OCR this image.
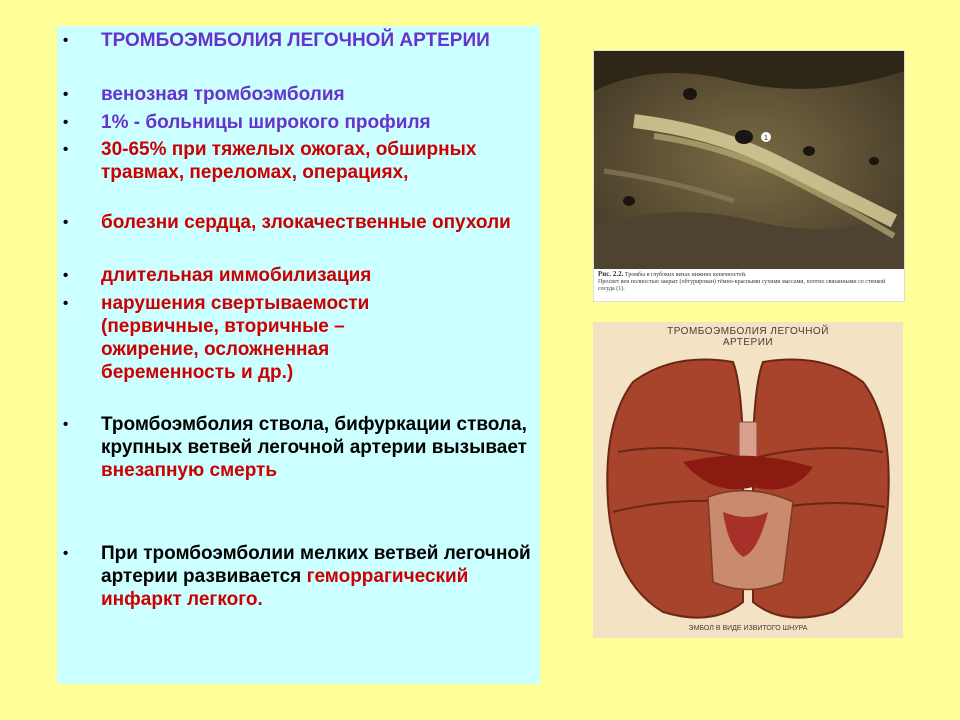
• ТРОМБОЭМБОЛИЯ ЛЕГОЧНОЙ АРТЕРИИ
• венозная тромбоэмболия
• 1% - больницы широкого профиля
• 30-65% при тяжелых ожогах, обширных травмах, переломах, операциях,
• болезни сердца, злокачественные опухоли
• длительная иммобилизация
• нарушения свертываемости (первичные, вторичные – ожирение, осложненная беременность и др.)
• Тромбоэмболия ствола, бифуркации ствола, крупных ветвей легочной артерии вызывает внезапную смерть
• При тромбоэмболии мелких ветвей легочной артерии развивается геморрагический инфаркт легкого.
1
Рис. 2.2. Тромбы в глубоких венах нижних конечностей.
Просвет вен полностью закрыт (обтурирован) тёмно-красными сухими массами, плотно связанными со стенкой сосуда (1).
ТРОМБОЭМБОЛИЯ ЛЕГОЧНОЙ
АРТЕРИИ
ЭМБОЛ В ВИДЕ ИЗВИТОГО ШНУРА
